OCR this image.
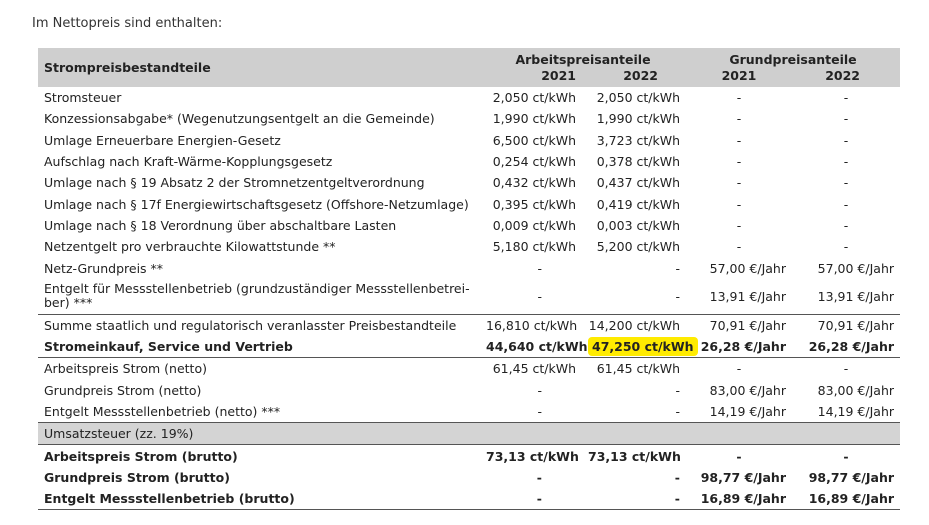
Im Nettopreis sind enthalten:
Strompreisbestandteile	Arbeitspreisanteile		Grundpreisanteile	
	2021	2022	2021	2022
Stromsteuer	2,050 ct/kWh	2,050 ct/kWh	-	-
Konzessionsabgabe* (Wegenutzungsentgelt an die Gemeinde)	1,990 ct/kWh	1,990 ct/kWh	-	-
Umlage Erneuerbare Energien-Gesetz	6,500 ct/kWh	3,723 ct/kWh	-	-
Aufschlag nach Kraft-Wärme-Kopplungsgesetz	0,254 ct/kWh	0,378 ct/kWh	-	-
Umlage nach § 19 Absatz 2 der Stromnetzentgeltverordnung	0,432 ct/kWh	0,437 ct/kWh	-	-
Umlage nach § 17f Energiewirtschaftsgesetz (Offshore-Netzumlage)	0,395 ct/kWh	0,419 ct/kWh	-	-
Umlage nach § 18 Verordnung über abschaltbare Lasten	0,009 ct/kWh	0,003 ct/kWh	-	-
Netzentgelt pro verbrauchte Kilowattstunde **	5,180 ct/kWh	5,200 ct/kWh	-	-
Netz-Grundpreis **	-	-	57,00 €/Jahr	57,00 €/Jahr
Entgelt für Messstellenbetrieb (grundzuständiger Messstellenbetrei-ber) ***	-	-	13,91 €/Jahr	13,91 €/Jahr
Summe staatlich und regulatorisch veranlasster Preisbestandteile	16,810 ct/kWh	14,200 ct/kWh	70,91 €/Jahr	70,91 €/Jahr
Stromeinkauf, Service und Vertrieb	44,640 ct/kWh	47,250 ct/kWh	26,28 €/Jahr	26,28 €/Jahr
Arbeitspreis Strom (netto)	61,45 ct/kWh	61,45 ct/kWh	-	-
Grundpreis Strom (netto)	-	-	83,00 €/Jahr	83,00 €/Jahr
Entgelt Messstellenbetrieb (netto) ***	-	-	14,19 €/Jahr	14,19 €/Jahr
Umsatzsteuer (zz. 19%)				
Arbeitspreis Strom (brutto)	73,13 ct/kWh	73,13 ct/kWh	-	-
Grundpreis Strom (brutto)	-	-	98,77 €/Jahr	98,77 €/Jahr
Entgelt Messstellenbetrieb (brutto)	-	-	16,89 €/Jahr	16,89 €/Jahr
